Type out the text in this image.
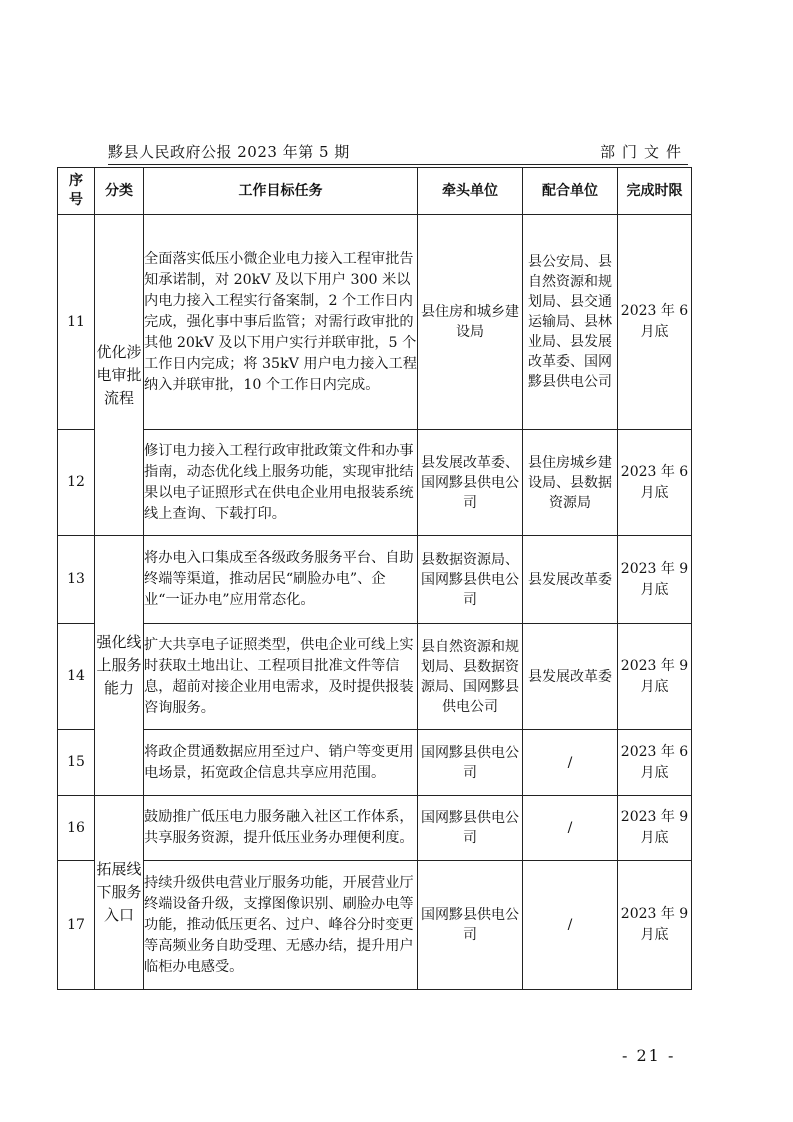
黟县人民政府公报 2023 年第 5 期	部门文件
序号	分类	工作目标任务	牵头单位	配合单位	完成时限
11	优化涉电审批流程	全面落实低压小微企业电力接入工程审批告知承诺制，对 20kV 及以下用户 300 米以内电力接入工程实行备案制，2 个工作日内完成，强化事中事后监管；对需行政审批的其他 20kV 及以下用户实行并联审批，5 个工作日内完成；将 35kV 用户电力接入工程纳入并联审批，10 个工作日内完成。	县住房和城乡建设局	县公安局、县自然资源和规划局、县交通运输局、县林业局、县发展改革委、国网黟县供电公司	2023 年 6 月底
12		修订电力接入工程行政审批政策文件和办事指南，动态优化线上服务功能，实现审批结果以电子证照形式在供电企业用电报装系统线上查询、下载打印。	县发展改革委、国网黟县供电公司	县住房城乡建设局、县数据资源局	2023 年 6 月底
13	强化线上服务能力	将办电入口集成至各级政务服务平台、自助终端等渠道，推动居民“刷脸办电”、企业“一证办电”应用常态化。	县数据资源局、国网黟县供电公司	县发展改革委	2023 年 9 月底
14		扩大共享电子证照类型，供电企业可线上实时获取土地出让、工程项目批准文件等信息，超前对接企业用电需求，及时提供报装咨询服务。	县自然资源和规划局、县数据资源局、国网黟县供电公司	县发展改革委	2023 年 9 月底
15		将政企贯通数据应用至过户、销户等变更用电场景，拓宽政企信息共享应用范围。	国网黟县供电公司	/	2023 年 6 月底
16	拓展线下服务入口	鼓励推广低压电力服务融入社区工作体系，共享服务资源，提升低压业务办理便利度。	国网黟县供电公司	/	2023 年 9 月底
17		持续升级供电营业厅服务功能，开展营业厅终端设备升级，支撑图像识别、刷脸办电等功能，推动低压更名、过户、峰谷分时变更等高频业务自助受理、无感办结，提升用户临柜办电感受。	国网黟县供电公司	/	2023 年 9 月底
- 21 -
